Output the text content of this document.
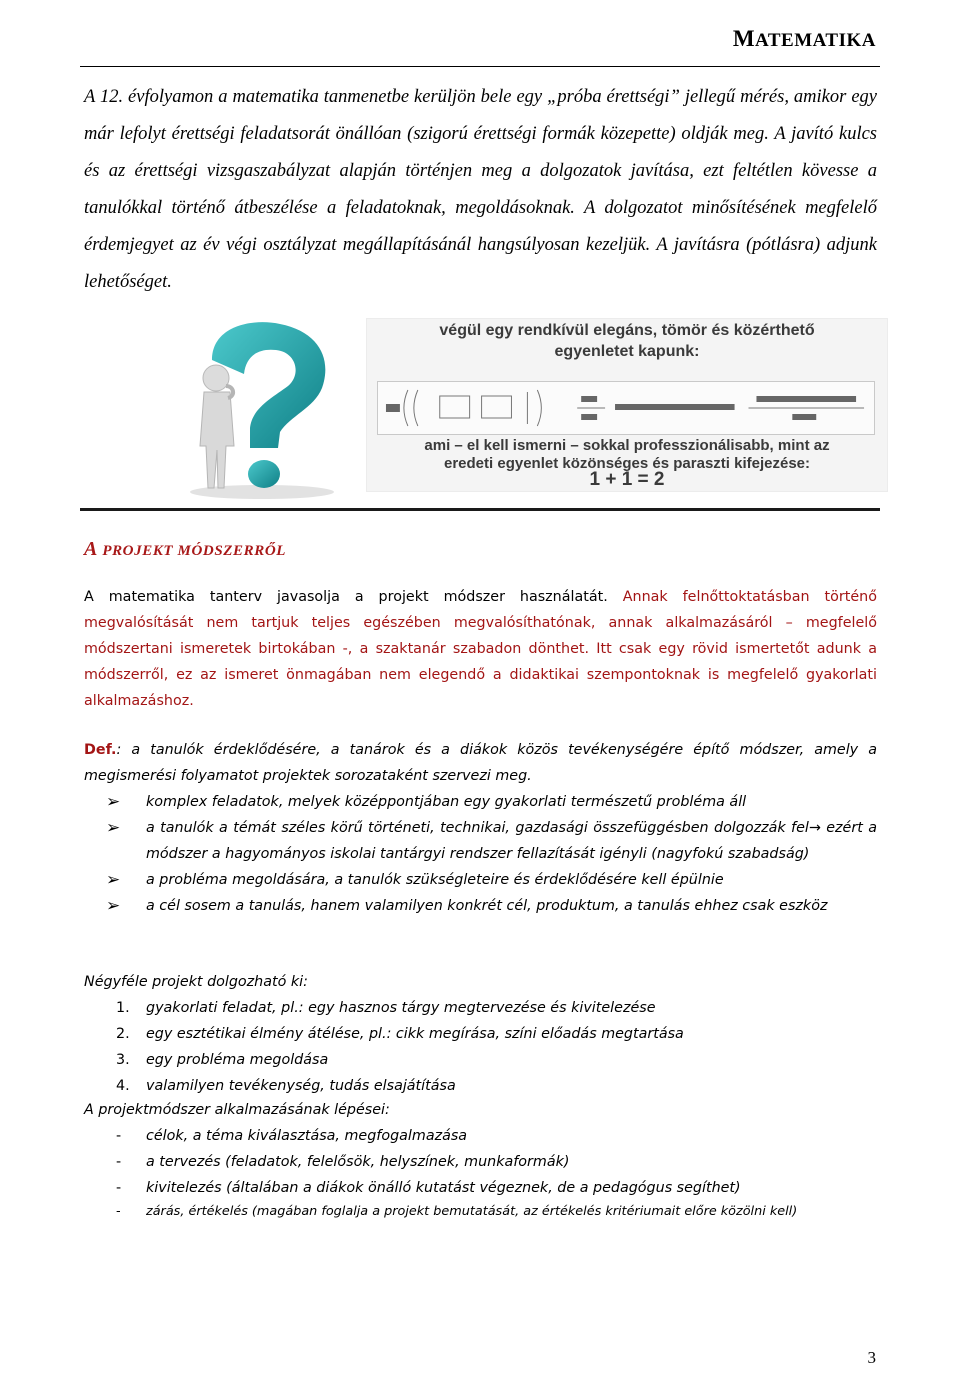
MATEMATIKA

A 12. évfolyamon a matematika tanmenetbe kerüljön bele egy „próba érettségi” jellegű mérés, amikor egy már lefolyt érettségi feladatsorát önállóan (szigorú érettségi formák közepette) oldják meg. A javító kulcs és az érettségi vizsgaszabályzat alapján történjen meg a dolgozatok javítása, ezt feltétlen kövesse a tanulókkal történő átbeszélése a feladatoknak, megoldásoknak. A dolgozatot minősítésének megfelelő érdemjegyet az év végi osztályzat megállapításánál hangsúlyosan kezeljük. A javításra (pótlásra) adjunk lehetőséget.

végül egy rendkívül elegáns, tömör és közérthető
egyenletet kapunk:
ami – el kell ismerni – sokkal professzionálisabb, mint az
eredeti egyenlet közönséges és paraszti kifejezése:
1 + 1 = 2
A PROJEKT MÓDSZERRŐL

A matematika tanterv javasolja a projekt módszer használatát. Annak felnőttoktatásban történő megvalósítását nem tartjuk teljes egészében megvalósíthatónak, annak alkalmazásáról – megfelelő módszertani ismeretek birtokában -, a szaktanár szabadon dönthet. Itt csak egy rövid ismertetőt adunk a módszerről, ez az ismeret önmagában nem elegendő a didaktikai szempontoknak is megfelelő gyakorlati alkalmazáshoz.

Def.: a tanulók érdeklődésére, a tanárok és a diákok közös tevékenységére építő módszer, amely a megismerési folyamatot projektek sorozataként szervezi meg.

➢ komplex feladatok, melyek középpontjában egy gyakorlati természetű probléma áll
➢ a tanulók a témát széles körű történeti, technikai, gazdasági összefüggésben dolgozzák fel→ ezért a módszer a hagyományos iskolai tantárgyi rendszer fellazítását igényli (nagyfokú szabadság)
➢ a probléma megoldására, a tanulók szükségleteire és érdeklődésére kell épülnie
➢ a cél sosem a tanulás, hanem valamilyen konkrét cél, produktum, a tanulás ehhez csak eszköz
Négyféle projekt dolgozható ki:
1. gyakorlati feladat, pl.: egy hasznos tárgy megtervezése és kivitelezése
2. egy esztétikai élmény átélése, pl.: cikk megírása, színi előadás megtartása
3. egy probléma megoldása
4. valamilyen tevékenység, tudás elsajátítása
A projektmódszer alkalmazásának lépései:
- célok, a téma kiválasztása, megfogalmazása
- a tervezés (feladatok, felelősök, helyszínek, munkaformák)
- kivitelezés (általában a diákok önálló kutatást végeznek, de a pedagógus segíthet)
- zárás, értékelés (magában foglalja a projekt bemutatását, az értékelés kritériumait előre közölni kell)
3
